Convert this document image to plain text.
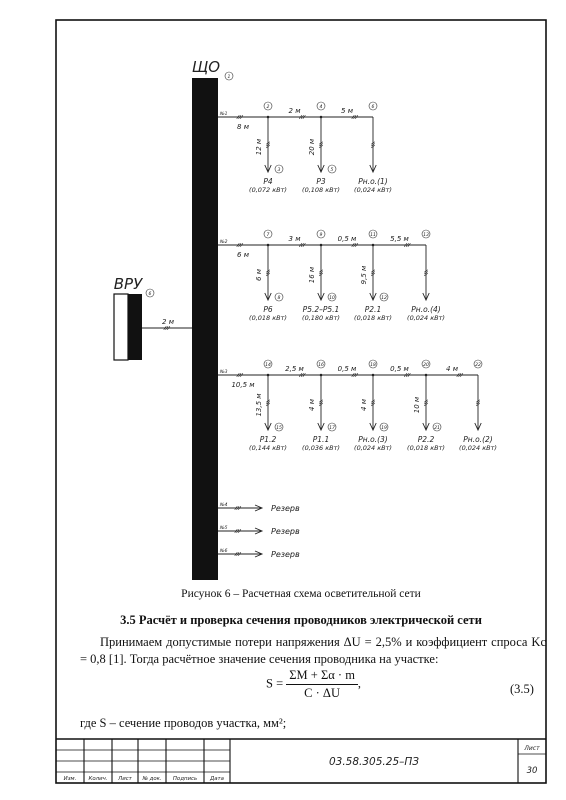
ЩО
1
ВРУ
6
2 м
№1
8 м
2	4	6
2 м	5 м
12 м
3
P4
(0,072 кВт)
20 м
5
P3
(0,108 кВт)
Pн.о.(1)
(0,024 кВт)
№2
6 м
7	9	11	13
3 м	0,5 м	5,5 м
6 м
8
P6
(0,018 кВт)
16 м
10
P5.2–P5.1
(0,180 кВт)
9,5 м
12
P2.1
(0,018 кВт)
Pн.о.(4)
(0,024 кВт)
№3
10,5 м
14	16	18	20	22
2,5 м	0,5 м	0,5 м	4 м
13,5 м
15
P1.2
(0,144 кВт)
4 м
17
P1.1
(0,036 кВт)
4 м
19
Pн.о.(3)
(0,024 кВт)
10 м
21
P2.2
(0,018 кВт)
Pн.о.(2)
(0,024 кВт)
№4	Резерв
№5	Резерв
№6	Резерв
Изм. Колич. Лист № док. Подпись Дата
03.58.305.25–ПЗ
Лист
30
Рисунок 6 – Расчетная схема осветительной сети
3.5 Расчёт и проверка сечения проводников электрической сети
Принимаем допустимые потери напряжения ΔU = 2,5% и коэффициент спроса Kс = 0,8 [1]. Тогда расчётное значение сечения проводника на участке:
$S = \frac{\Sigma M + \Sigma\alpha \cdot m}{C \cdot \Delta U}$ ,	(3.5)
где S – сечение проводов участка, мм²;
